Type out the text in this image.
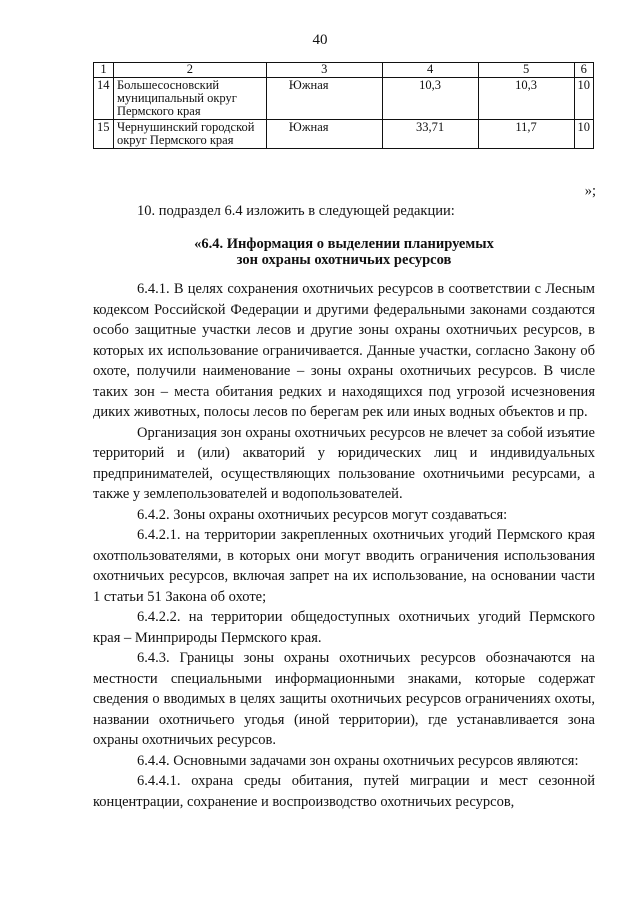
40
1	2	3	4	5	6
14	Большесосновский муниципальный округ Пермского края	Южная	10,3	10,3	10
15	Чернушинский городской округ Пермского края	Южная	33,71	11,7	10
»;

10. подраздел 6.4 изложить в следующей редакции:

«6.4. Информация о выделении планируемых
зон охраны охотничьих ресурсов

6.4.1. В целях сохранения охотничьих ресурсов в соответствии с Лесным кодексом Российской Федерации и другими федеральными законами создаются особо защитные участки лесов и другие зоны охраны охотничьих ресурсов, в которых их использование ограничивается. Данные участки, согласно Закону об охоте, получили наименование – зоны охраны охотничьих ресурсов. В числе таких зон – места обитания редких и находящихся под угрозой исчезновения диких животных, полосы лесов по берегам рек или иных водных объектов и пр.

Организация зон охраны охотничьих ресурсов не влечет за собой изъятие территорий и (или) акваторий у юридических лиц и индивидуальных предпринимателей, осуществляющих пользование охотничьими ресурсами, а также у землепользователей и водопользователей.

6.4.2. Зоны охраны охотничьих ресурсов могут создаваться:

6.4.2.1. на территории закрепленных охотничьих угодий Пермского края охотпользователями, в которых они могут вводить ограничения использования охотничьих ресурсов, включая запрет на их использование, на основании части 1 статьи 51 Закона об охоте;

6.4.2.2. на территории общедоступных охотничьих угодий Пермского края – Минприроды Пермского края.

6.4.3. Границы зоны охраны охотничьих ресурсов обозначаются на местности специальными информационными знаками, которые содержат сведения о вводимых в целях защиты охотничьих ресурсов ограничениях охоты, названии охотничьего угодья (иной территории), где устанавливается зона охраны охотничьих ресурсов.

6.4.4. Основными задачами зон охраны охотничьих ресурсов являются:

6.4.4.1. охрана среды обитания, путей миграции и мест сезонной концентрации, сохранение и воспроизводство охотничьих ресурсов,
